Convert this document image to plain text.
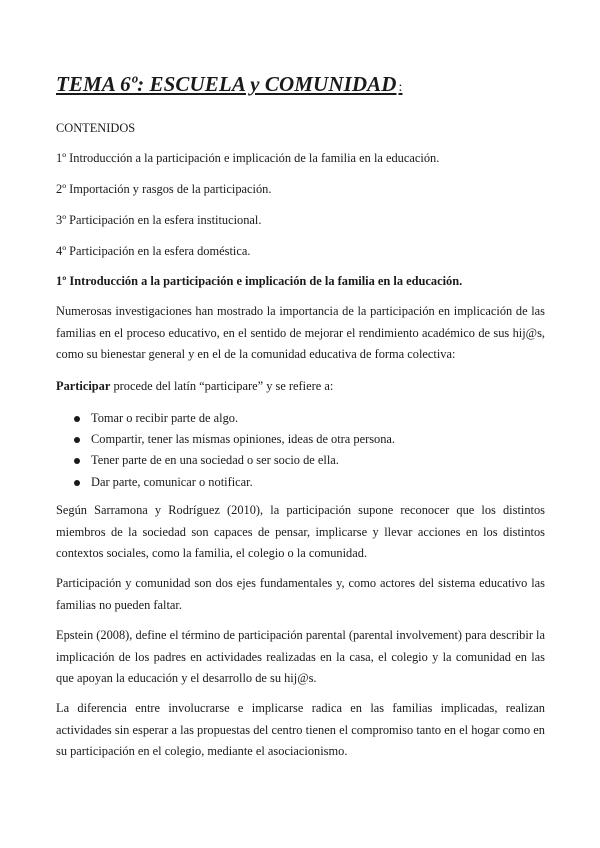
TEMA 6º: ESCUELA y COMUNIDAD :
CONTENIDOS
1º Introducción a la participación e implicación de la familia en la educación.
2º Importación y rasgos de la participación.
3º Participación en la esfera institucional.
4º Participación en la esfera doméstica.
1º Introducción a la participación e implicación de la familia en la educación.
Numerosas investigaciones han mostrado la importancia de la participación en implicación de las familias en el proceso educativo, en el sentido de mejorar el rendimiento académico de sus hij@s, como su bienestar general y en el de la comunidad educativa de forma colectiva:
Participar procede del latín “participare” y se refiere a:
Tomar o recibir parte de algo.
Compartir, tener las mismas opiniones, ideas de otra persona.
Tener parte de en una sociedad o ser socio de ella.
Dar parte, comunicar o notificar.
Según Sarramona y Rodríguez (2010), la participación supone reconocer que los distintos miembros de la sociedad son capaces de pensar, implicarse y llevar acciones en los distintos contextos sociales, como la familia, el colegio o la comunidad.
Participación y comunidad son dos ejes fundamentales y, como actores del sistema educativo las familias no pueden faltar.
Epstein (2008), define el término de participación parental (parental involvement) para describir la implicación de los padres en actividades realizadas en la casa, el colegio y la comunidad en las que apoyan la educación y el desarrollo de su hij@s.
La diferencia entre involucrarse e implicarse radica en las familias implicadas, realizan actividades sin esperar a las propuestas del centro tienen el compromiso tanto en el hogar como en su participación en el colegio, mediante el asociacionismo.
